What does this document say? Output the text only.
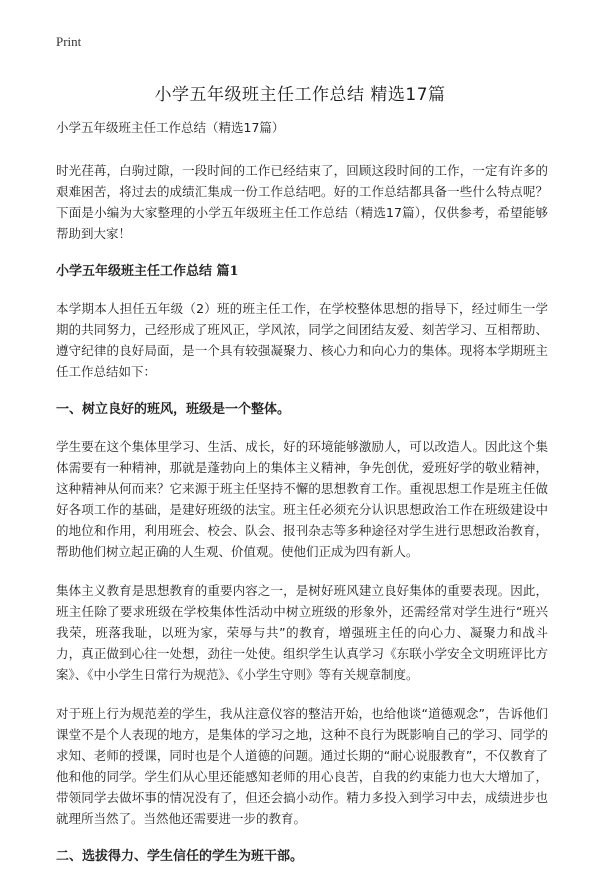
Print
小学五年级班主任工作总结 精选17篇

小学五年级班主任工作总结（精选17篇）

时光荏苒，白驹过隙，一段时间的工作已经结束了，回顾这段时间的工作，一定有许多的艰难困苦，将过去的成绩汇集成一份工作总结吧。好的工作总结都具备一些什么特点呢？下面是小编为大家整理的小学五年级班主任工作总结（精选17篇），仅供参考，希望能够帮助到大家！

小学五年级班主任工作总结 篇1

本学期本人担任五年级（2）班的班主任工作，在学校整体思想的指导下，经过师生一学期的共同努力，己经形成了班风正，学风浓，同学之间团结友爱、刻苦学习、互相帮助、遵守纪律的良好局面，是一个具有较强凝聚力、核心力和向心力的集体。现将本学期班主任工作总结如下：

一、树立良好的班风，班级是一个整体。

学生要在这个集体里学习、生活、成长，好的环境能够激励人，可以改造人。因此这个集体需要有一种精神，那就是蓬勃向上的集体主义精神，争先创优，爱班好学的敬业精神，这种精神从何而来？它来源于班主任坚持不懈的思想教育工作。重视思想工作是班主任做好各项工作的基础，是建好班级的法宝。班主任必须充分认识思想政治工作在班级建设中的地位和作用，利用班会、校会、队会、报刊杂志等多种途径对学生进行思想政治教育，帮助他们树立起正确的人生观、价值观。使他们正成为四有新人。

集体主义教育是思想教育的重要内容之一，是树好班风建立良好集体的重要表现。因此，班主任除了要求班级在学校集体性活动中树立班级的形象外，还需经常对学生进行“班兴我荣，班落我耻，以班为家，荣辱与共”的教育，增强班主任的向心力、凝聚力和战斗力，真正做到心往一处想，劲往一处使。组织学生认真学习《东联小学安全文明班评比方案》、《中小学生日常行为规范》、《小学生守则》等有关规章制度。

对于班上行为规范差的学生，我从注意仪容的整洁开始，也给他谈“道德观念”，告诉他们课堂不是个人表现的地方，是集体的学习之地，这种不良行为既影响自己的学习、同学的求知、老师的授课，同时也是个人道德的问题。通过长期的“耐心说服教育”，不仅教育了他和他的同学。学生们从心里还能感知老师的用心良苦，自我的约束能力也大大增加了，带领同学去做坏事的情况没有了，但还会搞小动作。精力多投入到学习中去，成绩进步也就理所当然了。当然他还需要进一步的教育。

二、选拔得力、学生信任的学生为班干部。
